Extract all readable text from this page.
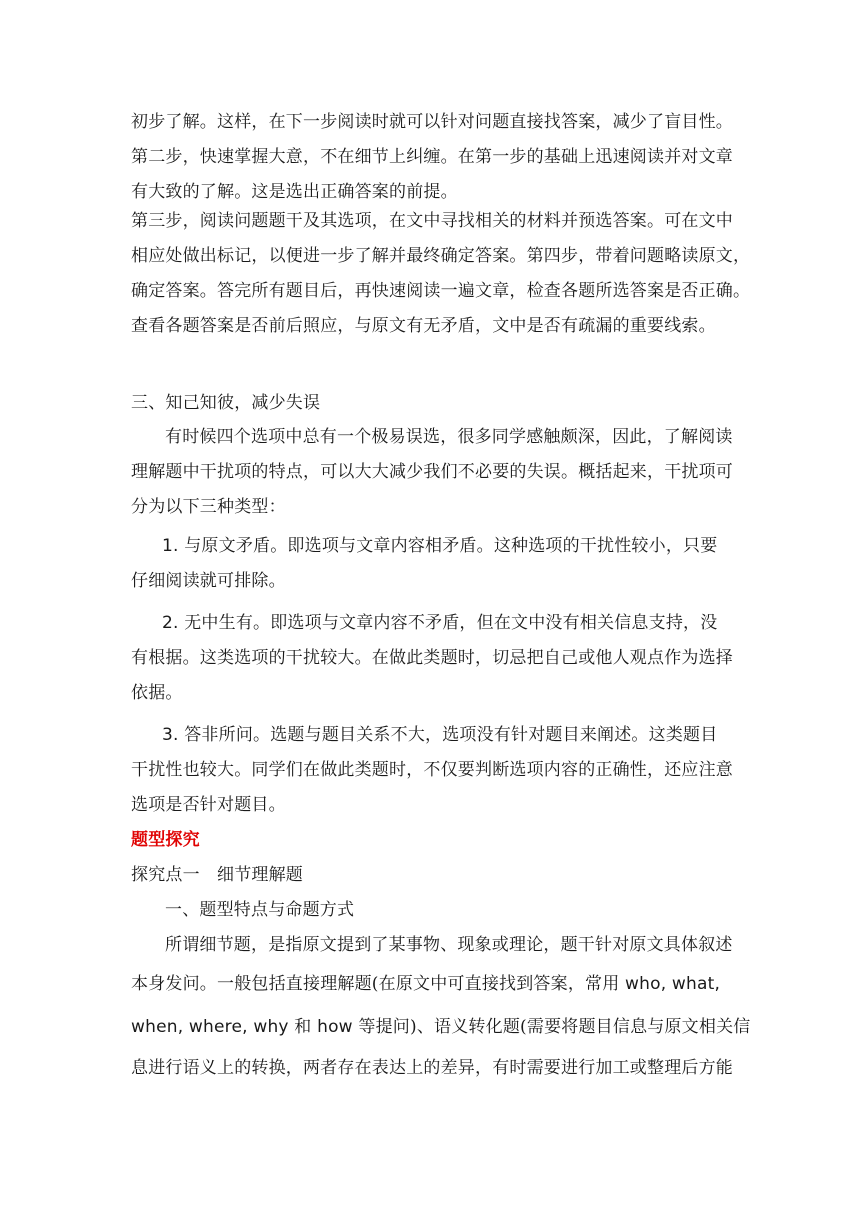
初步了解。这样，在下一步阅读时就可以针对问题直接找答案，减少了盲目性。
第二步，快速掌握大意，不在细节上纠缠。在第一步的基础上迅速阅读并对文章
有大致的了解。这是选出正确答案的前提。
第三步，阅读问题题干及其选项，在文中寻找相关的材料并预选答案。可在文中
相应处做出标记，以便进一步了解并最终确定答案。第四步，带着问题略读原文，
确定答案。答完所有题目后，再快速阅读一遍文章，检查各题所选答案是否正确。
查看各题答案是否前后照应，与原文有无矛盾，文中是否有疏漏的重要线索。
三、知己知彼，减少失误
有时候四个选项中总有一个极易误选，很多同学感触颇深，因此，了解阅读
理解题中干扰项的特点，可以大大减少我们不必要的失误。概括起来，干扰项可
分为以下三种类型：
1. 与原文矛盾。即选项与文章内容相矛盾。这种选项的干扰性较小，只要
仔细阅读就可排除。
2. 无中生有。即选项与文章内容不矛盾，但在文中没有相关信息支持，没
有根据。这类选项的干扰较大。在做此类题时，切忌把自己或他人观点作为选择
依据。
3. 答非所问。选题与题目关系不大，选项没有针对题目来阐述。这类题目
干扰性也较大。同学们在做此类题时，不仅要判断选项内容的正确性，还应注意
选项是否针对题目。
题型探究
探究点一　细节理解题
一、题型特点与命题方式
所谓细节题，是指原文提到了某事物、现象或理论，题干针对原文具体叙述
本身发问。一般包括直接理解题(在原文中可直接找到答案，常用 who, what,
when, where, why 和 how 等提问)、语义转化题(需要将题目信息与原文相关信
息进行语义上的转换，两者存在表达上的差异，有时需要进行加工或整理后方能
